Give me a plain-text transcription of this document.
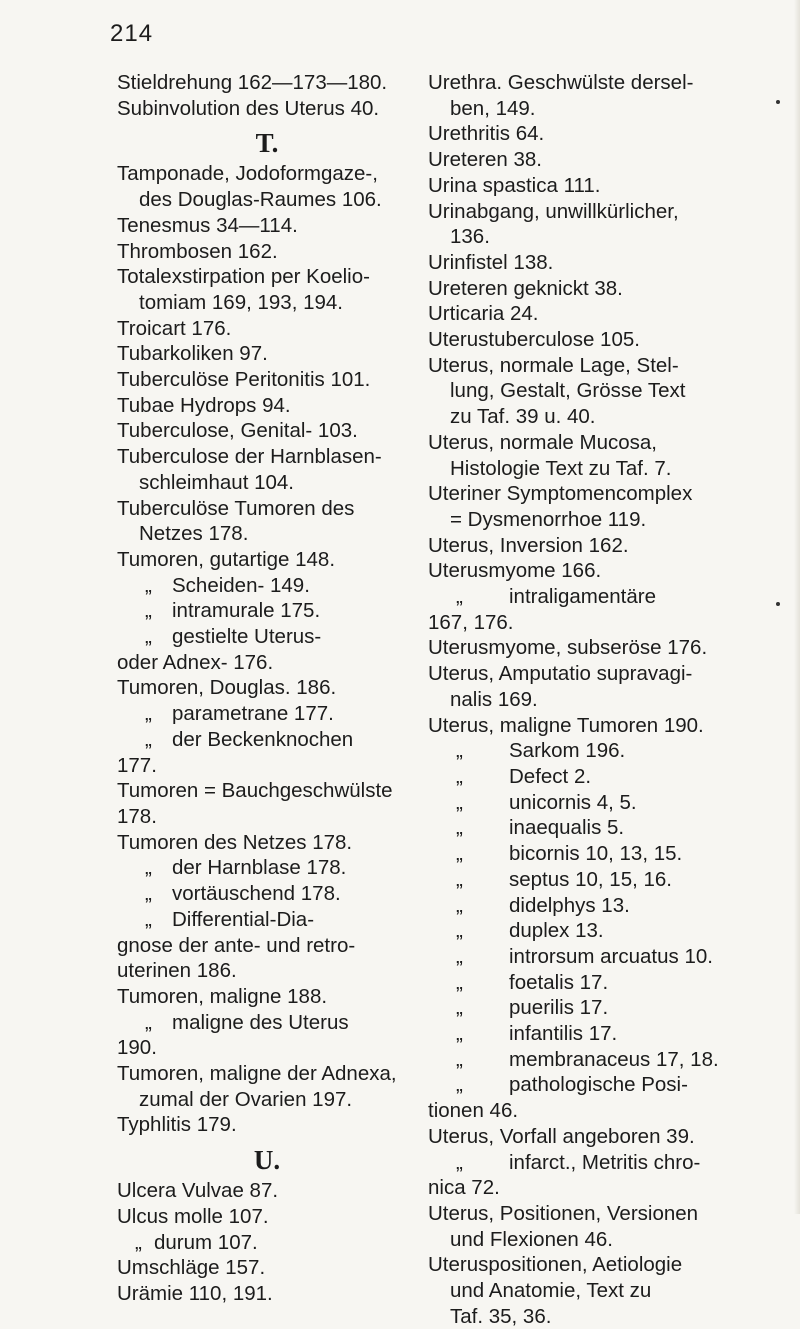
214

Stieldrehung 162—173—180.

Subinvolution des Uterus 40.

T.

Tamponade, Jodoformgaze-,

des Douglas-Raumes 106.

Tenesmus 34—114.

Thrombosen 162.

Totalexstirpation per Koelio-

tomiam 169, 193, 194.

Troicart 176.

Tubarkoliken 97.

Tuberculöse Peritonitis 101.

Tubae Hydrops 94.

Tuberculose, Genital- 103.

Tuberculose der Harnblasen-

schleimhaut 104.

Tuberculöse Tumoren des

Netzes 178.

Tumoren, gutartige 148.

„ Scheiden- 149.

„ intramurale 175.

„ gestielte Uterus-

oder Adnex- 176.

Tumoren, Douglas. 186.

„ parametrane 177.

„ der Beckenknochen

177.

Tumoren = Bauchgeschwülste

178.

Tumoren des Netzes 178.

„ der Harnblase 178.

„ vortäuschend 178.

„ Differential-Dia-

gnose der ante- und retro-

uterinen 186.

Tumoren, maligne 188.

„ maligne des Uterus

190.

Tumoren, maligne der Adnexa,

zumal der Ovarien 197.

Typhlitis 179.

U.

Ulcera Vulvae 87.

Ulcus molle 107.

„ durum 107.

Umschläge 157.

Urämie 110, 191.

Urethra. Geschwülste dersel-

ben, 149.

Urethritis 64.

Ureteren 38.

Urina spastica 111.

Urinabgang, unwillkürlicher,

136.

Urinfistel 138.

Ureteren geknickt 38.

Urticaria 24.

Uterustuberculose 105.

Uterus, normale Lage, Stel-

lung, Gestalt, Grösse Text

zu Taf. 39 u. 40.

Uterus, normale Mucosa,

Histologie Text zu Taf. 7.

Uteriner Symptomencomplex

= Dysmenorrhoe 119.

Uterus, Inversion 162.

Uterusmyome 166.

„ intraligamentäre

167, 176.

Uterusmyome, subseröse 176.

Uterus, Amputatio supravagi-

nalis 169.

Uterus, maligne Tumoren 190.

„ Sarkom 196.

„ Defect 2.

„ unicornis 4, 5.

„ inaequalis 5.

„ bicornis 10, 13, 15.

„ septus 10, 15, 16.

„ didelphys 13.

„ duplex 13.

„ introrsum arcuatus 10.

„ foetalis 17.

„ puerilis 17.

„ infantilis 17.

„ membranaceus 17, 18.

„ pathologische Posi-

tionen 46.

Uterus, Vorfall angeboren 39.

„ infarct., Metritis chro-

nica 72.

Uterus, Positionen, Versionen

und Flexionen 46.

Uteruspositionen, Aetiologie

und Anatomie, Text zu

Taf. 35, 36.
